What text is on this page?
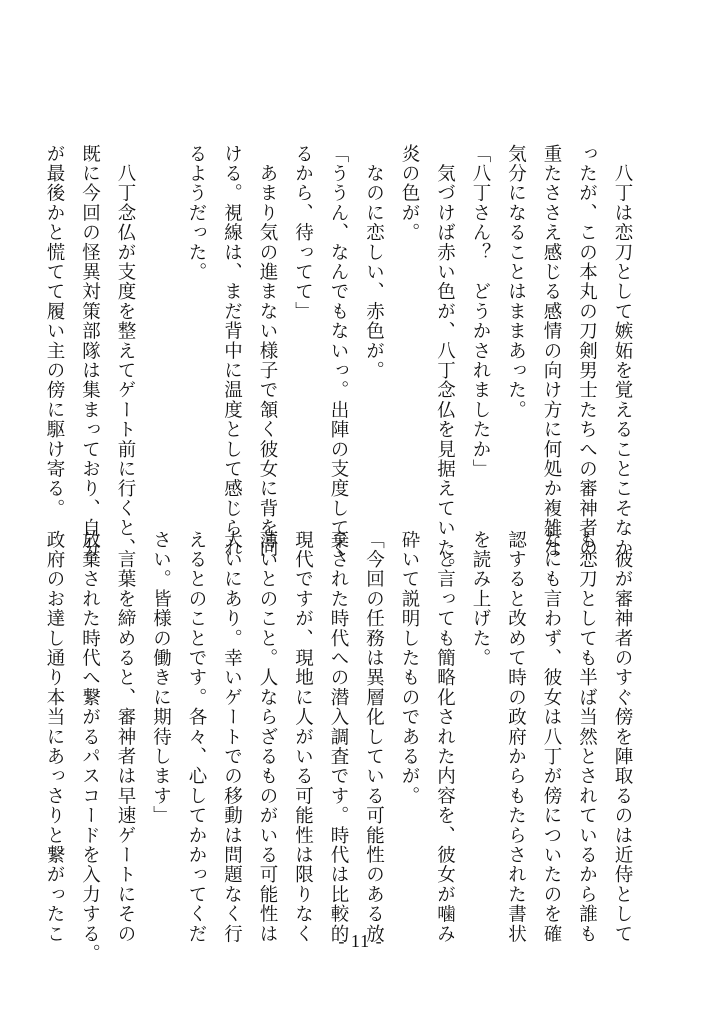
　八丁は恋刀として嫉妬を覚えることこそなか

ったが、この本丸の刀剣男士たちへの審神者の

重たささえ感じる感情の向け方に何処か複雑な

気分になることはままあった。

「八丁さん？　どうかされましたか」

　気づけば赤い色が、八丁念仏を見据えていた。

炎の色が。

　なのに恋しい、赤色が。

「ううん、なんでもないっ。出陣の支度してく

るから、待ってて」

　あまり気の進まない様子で頷く彼女に背を向

ける。視線は、まだ背中に温度として感じられ

るようだった。

　八丁念仏が支度を整えてゲート前に行くと、

既に今回の怪異対策部隊は集まっており、自分

が最後かと慌てて履い主の傍に駆け寄る。

　彼が審神者のすぐ傍を陣取るのは近侍として

も恋刀としても半ば当然とされているから誰も

なにも言わず、彼女は八丁が傍についたのを確

認すると改めて時の政府からもたらされた書状

を読み上げた。

　と言っても簡略化された内容を、彼女が噛み

砕いて説明したものであるが。

「今回の任務は異層化している可能性のある放

棄された時代への潜入調査です。時代は比較的

現代ですが、現地に人がいる可能性は限りなく

薄いとのこと。人ならざるものがいる可能性は

大いにあり。幸いゲートでの移動は問題なく行

えるとのことです。各々、心してかかってくだ

さい。皆様の働きに期待します」

　言葉を締めると、審神者は早速ゲートにその

放棄された時代へ繋がるパスコードを入力する。

政府のお達し通り本当にあっさりと繋がったこ	- 11 -
